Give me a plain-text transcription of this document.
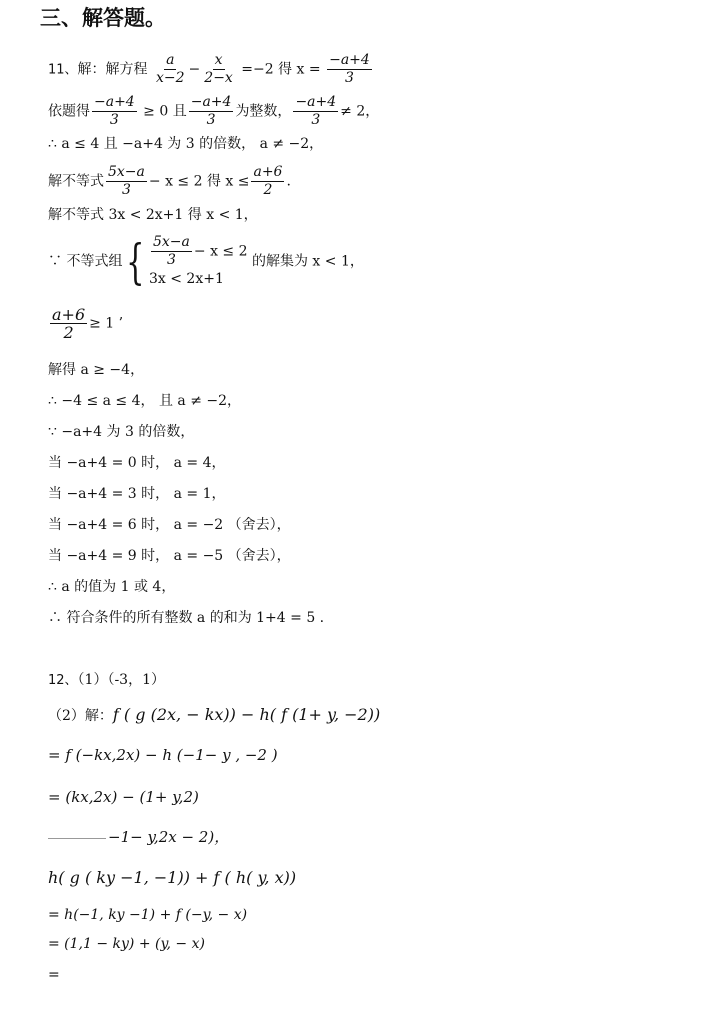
三、解答题。
11、解：解方程 $\frac{a}{x-2} - \frac{x}{2-x} =-2$ 得 $x = \frac{-a+4}{3}$
依题得 $\frac{-a+4}{3} \ge 0$ 且 $\frac{-a+4}{3}$ 为整数， $\frac{-a+4}{3} \ne 2$，
∴ a ≤ 4 且 −a+4 为 3 的倍数， a ≠ −2，
解不等式 $\frac{5x-a}{3} - x \le 2$ 得 $x \le \frac{a+6}{2}$ .
解不等式 3x < 2x+1 得 x < 1，
∵ 不等式组{ $\frac{5x-a}{3} - x \le 2$
3x < 2x+1
的解集为 x < 1，
$\frac{a+6}{2} \ge 1$ ’
解得 a ≥ −4，
∴ −4 ≤ a ≤ 4， 且 a ≠ −2，
∵ −a+4 为 3 的倍数，
当 −a+4 = 0 时， a = 4，
当 −a+4 = 3 时， a = 1，
当 −a+4 = 6 时， a = −2 （舍去），
当 −a+4 = 9 时， a = −5 （舍去），
∴ a 的值为 1 或 4，
∴ 符合条件的所有整数 a 的和为 1+4 = 5 .
12、（1）（-3，1）
（2）解：f ( g (2x, − kx)) − h( f (1+ y, −2))
= f (−kx,2x) − h (−1− y , −2 )
= (kx,2x) − (1+ y,2)
−1− y,2x − 2)，
h( g ( ky −1, −1)) + f ( h( y, x))
= h(−1, ky −1) + f (−y, − x)
= (1,1 − ky) + (y, − x)
=
